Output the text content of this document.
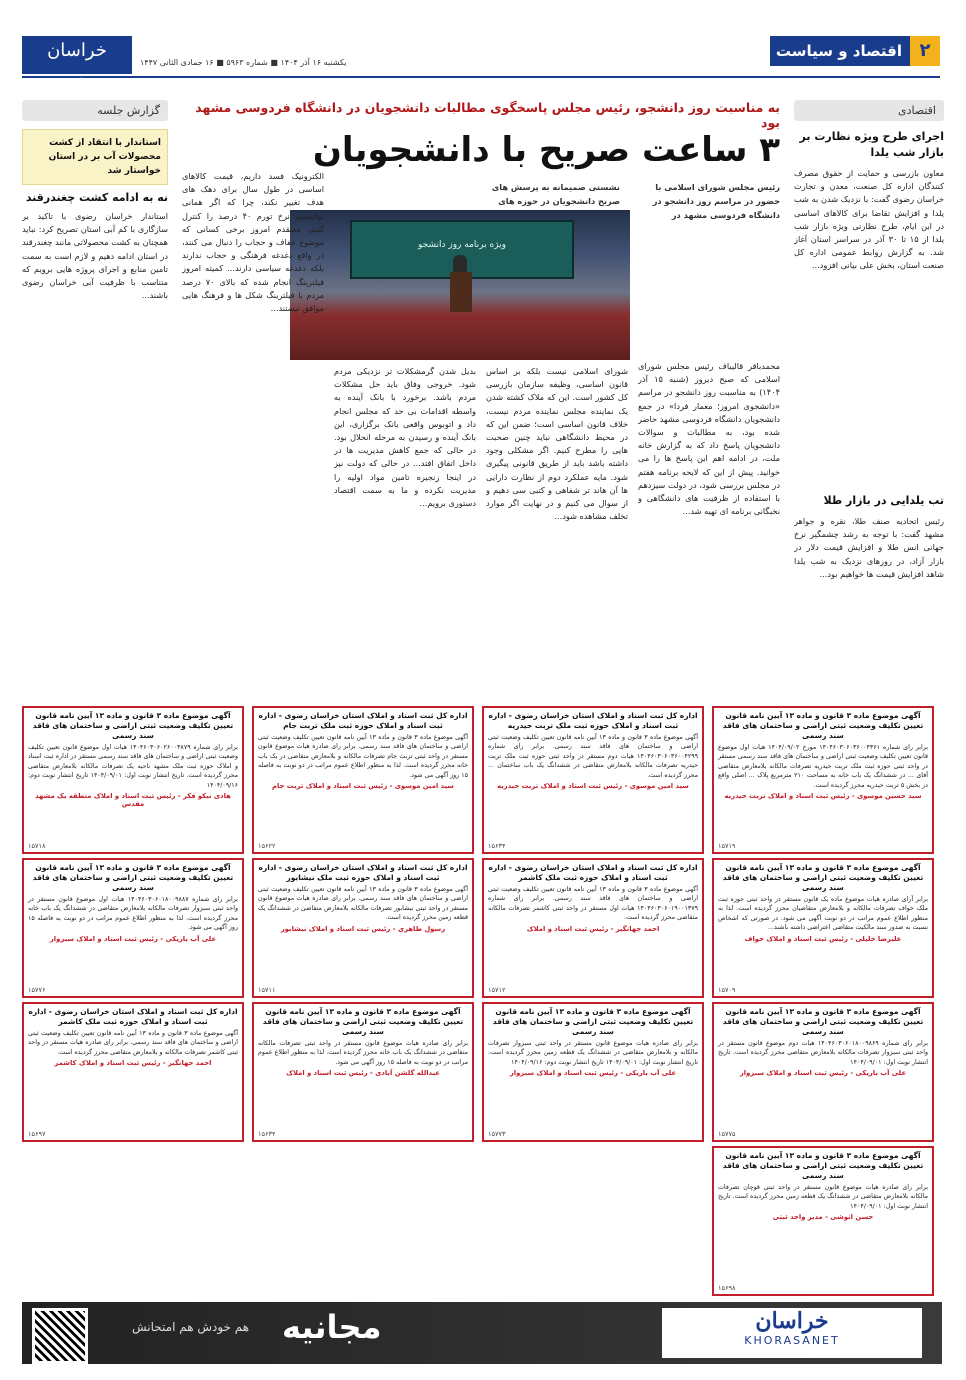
خراسان رضوی
یکشنبه ۱۶ آذر ۱۴۰۴ ■ شماره ۵۹۶۳ ■ ۱۶ جمادی الثانی ۱۴۴۷
۲
اقتصاد و سیاست
اقتصادی
اجرای طرح ویژه نظارت بر بازار شب یلدا
معاون بازرسی و حمایت از حقوق مصرف کنندگان اداره کل صنعت، معدن و تجارت خراسان رضوی گفت: با نزدیک شدن به شب یلدا و افزایش تقاضا برای کالاهای اساسی در این ایام، طرح نظارتی ویژه بازار شب یلدا از ۱۵ تا ۳۰ آذر در سراسر استان آغاز شد. به گزارش روابط عمومی اداره کل صنعت استان، بخش علی بیانی افزود...
تب یلدایی در بازار طلا
رئیس اتحادیه صنف طلا، نقره و جواهر مشهد گفت: با توجه به رشد چشمگیر نرخ جهانی انس طلا و افزایش قیمت دلار در بازار آزاد، در روزهای نزدیک به شب یلدا شاهد افزایش قیمت ها خواهیم بود...
گزارش جلسه
استاندار با انتقاد از کشت محصولات آب بر در استان خواستار شد
نه به ادامه کشت چغندرقند
استاندار خراسان رضوی با تاکید بر سازگاری با کم آبی استان تصریح کرد: نباید همچنان به کشت محصولاتی مانند چغندرقند در استان ادامه دهیم و لازم است به سمت تامین منابع و اجرای پروژه هایی برویم که متناسب با ظرفیت آبی خراسان رضوی باشند...
به مناسبت روز دانشجو، رئیس مجلس پاسخگوی مطالبات دانشجویان در دانشگاه فردوسی مشهد بود
۳ ساعت صریح با دانشجویان
رئیس مجلس شورای اسلامی با حضور در مراسم روز دانشجو در دانشگاه فردوسی مشهد در
نشستی صمیمانه به پرسش های صریح دانشجویان در حوزه های
ویژه برنامه روز دانشجو
محمدباقر قالیباف رئیس مجلس شورای اسلامی که صبح دیروز (شنبه ۱۵ آذر ۱۴۰۴) به مناسبت روز دانشجو در مراسم «دانشجوی امروز؛ معمار فردا» در جمع دانشجویان دانشگاه فردوسی مشهد حاضر شده بود، به مطالبات و سوالات دانشجویان پاسخ داد که به گزارش خانه ملت، در ادامه اهم این پاسخ ها را می خوانید. پیش از این که لایحه برنامه هفتم در مجلس بررسی شود، در دولت سیزدهم با استفاده از ظرفیت های دانشگاهی و نخبگانی برنامه ای تهیه شد...
شورای اسلامی نیست بلکه بر اساس قانون اساسی، وظیفه سازمان بازرسی کل کشور است. این که ملاک کشته شدن یک نماینده مجلس نماینده مردم نیست، خلاف قانون اساسی است؛ ضمن این که در محیط دانشگاهی نباید چنین صحبت هایی را مطرح کنیم. اگر مشکلی وجود داشته باشد باید از طریق قانونی پیگیری شود. مایه عملکرد دوم از نظارت دارایی ها آن هاند تر شفاهی و کتبی سی دهیم و از سوال می کنیم و در نهایت اگر موارد تخلف مشاهده شود...
بدیل شدن گرمشکلات تر نزدیکی مردم شود. خروجی وفاق باید حل مشکلات مردم باشد. برخورد با بانک آینده به واسطه اقدامات بی حد که مجلس انجام داد و اتوبوس واقعی بانک برگزاری، این بانک آینده و رسیدن به مرحله انحلال بود. در حالی که جمع کاهش مدیریت ها در داخل اتفاق افتد... در حالی که دولت نیز در اینجا زنجیره تامین مواد اولیه را مدیریت نکرده و ما به سمت اقتصاد دستوری برویم...
الکترونیک فسد داریم، قیمت کالاهای اساسی در طول سال برای دهک های هدف تغییر نکند، چرا که اگر همانی توانستیم نرخ تورم ۴۰ درصد را کنترل کنیم. معتقدم امروز برخی کسانی که موضوع عفاف و حجاب را دنبال می کنند، در واقع دغدغه فرهنگی و حجاب ندارند بلکه دغدغه سیاسی دارند... کمیته امروز فیلترینگ انجام شده که بالای ۷۰ درصد مردم با فیلترینگ شکل ها و فرهنگ هایی موافق نیستند...
آگهی موضوع ماده ۳ قانون و ماده ۱۳ آیین نامه قانون تعیین تکلیف وضعیت ثبتی اراضی و ساختمان های فاقد سند رسمی
برابر رای شماره ۱۴۰۴۶۰۳۰۶۰۳۶۰۰۴۳۶۱ مورخ ۱۴۰۴/۰۹/۰۲ هیات اول موضوع قانون تعیین تکلیف وضعیت ثبتی اراضی و ساختمان های فاقد سند رسمی مستقر در واحد ثبتی حوزه ثبت ملک تربت حیدریه تصرفات مالکانه بلامعارض متقاضی آقای ... در ششدانگ یک باب خانه به مساحت ۲۱۰ مترمربع پلاک ... اصلی واقع در بخش ۵ تربت حیدریه محرز گردیده است.
سید حسین موسوی - رئیس ثبت اسناد و املاک تربت حیدریه
۱۵۷۱۹
اداره کل ثبت اسناد و املاک استان خراسان رضوی - اداره ثبت اسناد و املاک حوزه ثبت ملک تربت حیدریه
آگهی موضوع ماده ۳ قانون و ماده ۱۳ آیین نامه قانون تعیین تکلیف وضعیت ثبتی اراضی و ساختمان های فاقد سند رسمی. برابر رای شماره ۱۴۰۴۶۰۳۰۶۰۳۶۰۰۴۲۹۹ هیات دوم مستقر در واحد ثبتی حوزه ثبت ملک تربت حیدریه تصرفات مالکانه بلامعارض متقاضی در ششدانگ یک باب ساختمان ... محرز گردیده است.
سید امین موسوی - رئیس ثبت اسناد و املاک تربت حیدریه
۱۵۶۳۴
اداره کل ثبت اسناد و املاک استان خراسان رضوی - اداره ثبت اسناد و املاک حوزه ثبت ملک تربت جام
آگهی موضوع ماده ۳ قانون و ماده ۱۳ آیین نامه قانون تعیین تکلیف وضعیت ثبتی اراضی و ساختمان های فاقد سند رسمی. برابر رای صادره هیات موضوع قانون مستقر در واحد ثبتی تربت جام تصرفات مالکانه و بلامعارض متقاضی در یک باب خانه محرز گردیده است. لذا به منظور اطلاع عموم مراتب در دو نوبت به فاصله ۱۵ روز آگهی می شود.
سید امین موسوی - رئیس ثبت اسناد و املاک تربت جام
۱۵۶۲۲
آگهی موضوع ماده ۳ قانون و ماده ۱۳ آیین نامه قانون تعیین تکلیف وضعیت ثبتی اراضی و ساختمان های فاقد سند رسمی
برابر رای شماره ۱۴۰۴۶۰۳۰۶۰۲۶۰۰۳۸۷۹ هیات اول موضوع قانون تعیین تکلیف وضعیت ثبتی اراضی و ساختمان های فاقد سند رسمی مستقر در اداره ثبت اسناد و املاک حوزه ثبت ملک مشهد ناحیه یک تصرفات مالکانه بلامعارض متقاضی محرز گردیده است. تاریخ انتشار نوبت اول: ۱۴۰۴/۰۹/۰۱ تاریخ انتشار نوبت دوم: ۱۴۰۴/۰۹/۱۶
هادی نیکو فکر - رئیس ثبت اسناد و املاک منطقه یک مشهد مقدس
۱۵۷۱۸
آگهی موضوع ماده ۳ قانون و ماده ۱۳ آیین نامه قانون تعیین تکلیف وضعیت ثبتی اراضی و ساختمان های فاقد سند رسمی
برابر آرای صادره هیات موضوع ماده یک قانون مستقر در واحد ثبتی حوزه ثبت ملک خواف تصرفات مالکانه و بلامعارض متقاضیان محرز گردیده است. لذا به منظور اطلاع عموم مراتب در دو نوبت آگهی می شود. در صورتی که اشخاص نسبت به صدور سند مالکیت متقاضی اعتراضی داشته باشند...
علیرضا خلیلی - رئیس ثبت اسناد و املاک خواف
۱۵۷۰۹
اداره کل ثبت اسناد و املاک استان خراسان رضوی - اداره ثبت اسناد و املاک حوزه ثبت ملک کاشمر
آگهی موضوع ماده ۳ قانون و ماده ۱۳ آیین نامه قانون تعیین تکلیف وضعیت ثبتی اراضی و ساختمان های فاقد سند رسمی. برابر رای شماره ۱۴۰۴۶۰۳۰۶۰۱۹۰۰۱۳۷۹ هیات اول مستقر در واحد ثبتی کاشمر تصرفات مالکانه متقاضی محرز گردیده است.
احمد جهانگیر - رئیس ثبت اسناد و املاک
۱۵۷۱۲
اداره کل ثبت اسناد و املاک استان خراسان رضوی - اداره ثبت اسناد و املاک حوزه ثبت ملک نیشابور
آگهی موضوع ماده ۳ قانون و ماده ۱۳ آیین نامه قانون تعیین تکلیف وضعیت ثبتی اراضی و ساختمان های فاقد سند رسمی. برابر رای صادره هیات موضوع قانون مستقر در واحد ثبتی نیشابور تصرفات مالکانه بلامعارض متقاضی در ششدانگ یک قطعه زمین محرز گردیده است.
رسول طاهری - رئیس ثبت اسناد و املاک نیشابور
۱۵۷۱۱
آگهی موضوع ماده ۳ قانون و ماده ۱۳ آیین نامه قانون تعیین تکلیف وضعیت ثبتی اراضی و ساختمان های فاقد سند رسمی
برابر رای شماره ۱۴۰۴۶۰۳۰۶۰۱۸۰۰۹۸۸۷ هیات اول موضوع قانون مستقر در واحد ثبتی سبزوار تصرفات مالکانه بلامعارض متقاضی در ششدانگ یک باب خانه محرز گردیده است. لذا به منظور اطلاع عموم مراتب در دو نوبت به فاصله ۱۵ روز آگهی می شود.
علی آب باریکی - رئیس ثبت اسناد و املاک سبزوار
۱۵۷۷۶
آگهی موضوع ماده ۳ قانون و ماده ۱۳ آیین نامه قانون تعیین تکلیف وضعیت ثبتی اراضی و ساختمان های فاقد سند رسمی
برابر رای شماره ۱۴۰۴۶۰۳۰۶۰۱۸۰۰۹۸۶۹ هیات دوم موضوع قانون مستقر در واحد ثبتی سبزوار تصرفات مالکانه بلامعارض متقاضی محرز گردیده است. تاریخ انتشار نوبت اول: ۱۴۰۴/۰۹/۰۱
علی آب باریکی - رئیس ثبت اسناد و املاک سبزوار
۱۵۷۷۵
آگهی موضوع ماده ۳ قانون و ماده ۱۳ آیین نامه قانون تعیین تکلیف وضعیت ثبتی اراضی و ساختمان های فاقد سند رسمی
برابر رای صادره هیات موضوع قانون مستقر در واحد ثبتی سبزوار تصرفات مالکانه و بلامعارض متقاضی در ششدانگ یک قطعه زمین محرز گردیده است. تاریخ انتشار نوبت اول: ۱۴۰۴/۰۹/۰۱ تاریخ انتشار نوبت دوم: ۱۴۰۴/۰۹/۱۶
علی آب باریکی - رئیس ثبت اسناد و املاک سبزوار
۱۵۷۷۳
آگهی موضوع ماده ۳ قانون و ماده ۱۳ آیین نامه قانون تعیین تکلیف وضعیت ثبتی اراضی و ساختمان های فاقد سند رسمی
برابر رای صادره هیات موضوع قانون مستقر در واحد ثبتی تصرفات مالکانه متقاضی در ششدانگ یک باب خانه محرز گردیده است. لذا به منظور اطلاع عموم مراتب در دو نوبت به فاصله ۱۵ روز آگهی می شود.
عبدالله گلشن آبادی - رئیس ثبت اسناد و املاک
۱۵۶۳۴
اداره کل ثبت اسناد و املاک استان خراسان رضوی - اداره ثبت اسناد و املاک حوزه ثبت ملک کاشمر
آگهی موضوع ماده ۳ قانون و ماده ۱۳ آیین نامه قانون تعیین تکلیف وضعیت ثبتی اراضی و ساختمان های فاقد سند رسمی. برابر رای صادره هیات مستقر در واحد ثبتی کاشمر تصرفات مالکانه و بلامعارض متقاضی محرز گردیده است.
احمد جهانگیر - رئیس ثبت اسناد و املاک کاشمر
۱۵۶۹۷
آگهی موضوع ماده ۳ قانون و ماده ۱۳ آیین نامه قانون تعیین تکلیف وضعیت ثبتی اراضی و ساختمان های فاقد سند رسمی
برابر رای صادره هیات موضوع قانون مستقر در واحد ثبتی قوچان تصرفات مالکانه بلامعارض متقاضی در ششدانگ یک قطعه زمین محرز گردیده است. تاریخ انتشار نوبت اول: ۱۴۰۴/۰۹/۰۱
حسن انوشی - مدیر واحد ثبتی
۱۵۶۹۸
هم خودش هم امتحانش مجانیه	خراسان
KHORASANET
